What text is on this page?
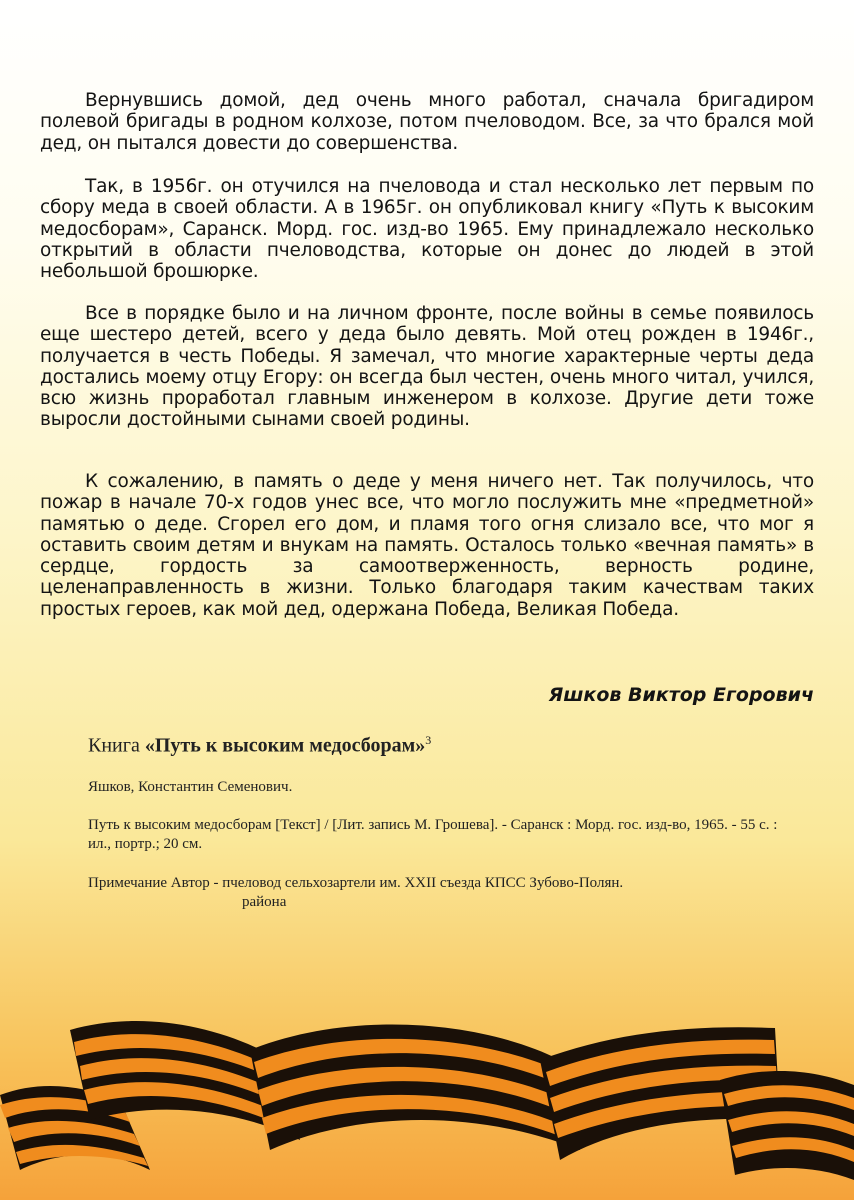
Вернувшись домой, дед очень много работал, сначала бригадиром полевой бригады в родном колхозе, потом пчеловодом. Все, за что брался мой дед, он пытался довести до совершенства.

Так, в 1956г. он отучился на пчеловода и стал несколько лет первым по сбору меда в своей области. А в 1965г. он опубликовал книгу «Путь к высоким медосборам», Саранск. Морд. гос. изд-во 1965. Ему принадлежало несколько открытий в области пчеловодства, которые он донес до людей в этой небольшой брошюрке.

Все в порядке было и на личном фронте, после войны в семье появилось еще шестеро детей, всего у деда было девять. Мой отец рожден в 1946г., получается в честь Победы. Я замечал, что многие характерные черты деда достались моему отцу Егору: он всегда был честен, очень много читал, учился, всю жизнь проработал главным инженером в колхозе. Другие дети тоже выросли достойными сынами своей родины.

К сожалению, в память о деде у меня ничего нет. Так получилось, что пожар в начале 70-х годов унес все, что могло послужить мне «предметной» памятью о деде. Сгорел его дом, и пламя того огня слизало все, что мог я оставить своим детям и внукам на память. Осталось только «вечная память» в сердце, гордость за самоотверженность, верность родине, целенаправленность в жизни. Только благодаря таким качествам таких простых героев, как мой дед, одержана Победа, Великая Победа.

Яшков Виктор Егорович
Книга «Путь к высоким медосборам»$^3$
Яшков, Константин Семенович.
Путь к высоким медосборам [Текст] / [Лит. запись М. Грошева]. - Саранск : Морд. гос. изд-во, 1965. - 55 с. : ил., портр.; 20 см.
Примечание Автор - пчеловод сельхозартели им. XXII съезда КПСС Зубово-Полян.
района
